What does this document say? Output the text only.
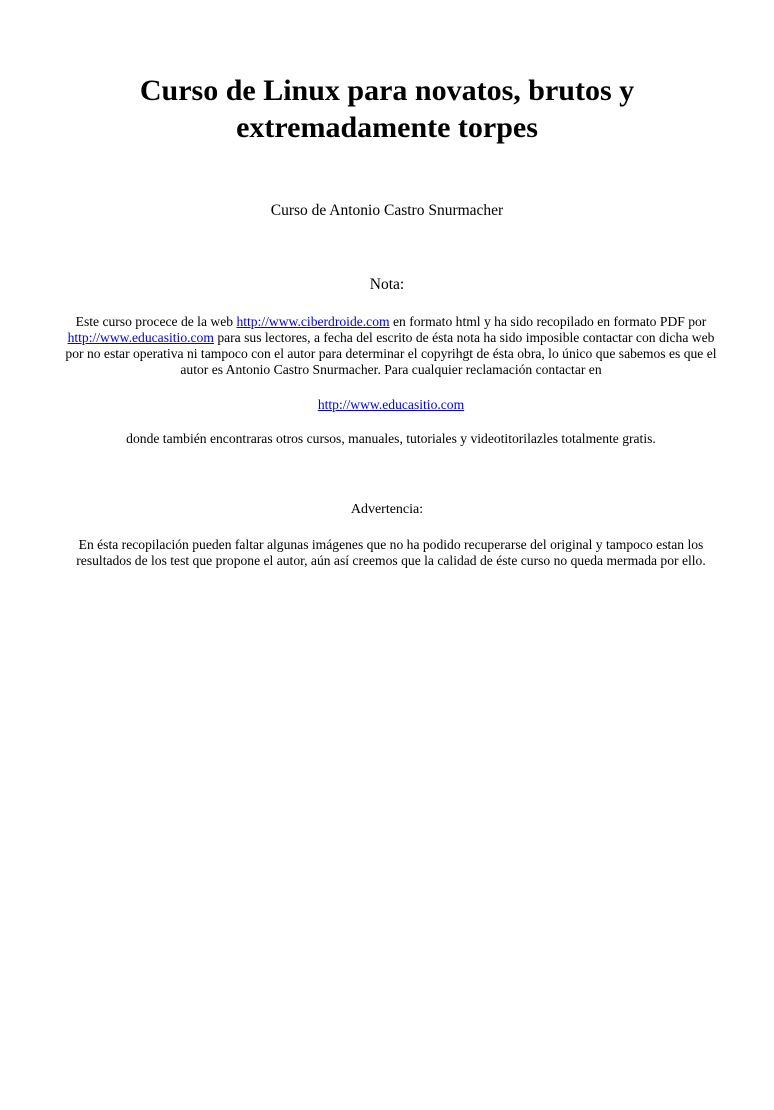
Curso de Linux para novatos, brutos y extremadamente torpes
Curso de Antonio Castro Snurmacher
Nota:

Este curso procece de la web http://www.ciberdroide.com en formato html y ha sido recopilado en formato PDF por http://www.educasitio.com para sus lectores, a fecha del escrito de ésta nota ha sido imposible contactar con dicha web por no estar operativa ni tampoco con el autor para determinar el copyrihgt de ésta obra, lo único que sabemos es que el autor es Antonio Castro Snurmacher. Para cualquier reclamación contactar en

http://www.educasitio.com

donde también encontraras otros cursos, manuales, tutoriales y videotitorilazles totalmente gratis.

Advertencia:

En ésta recopilación pueden faltar algunas imágenes que no ha podido recuperarse del original y tampoco estan los resultados de los test que propone el autor, aún así creemos que la calidad de éste curso no queda mermada por ello.
